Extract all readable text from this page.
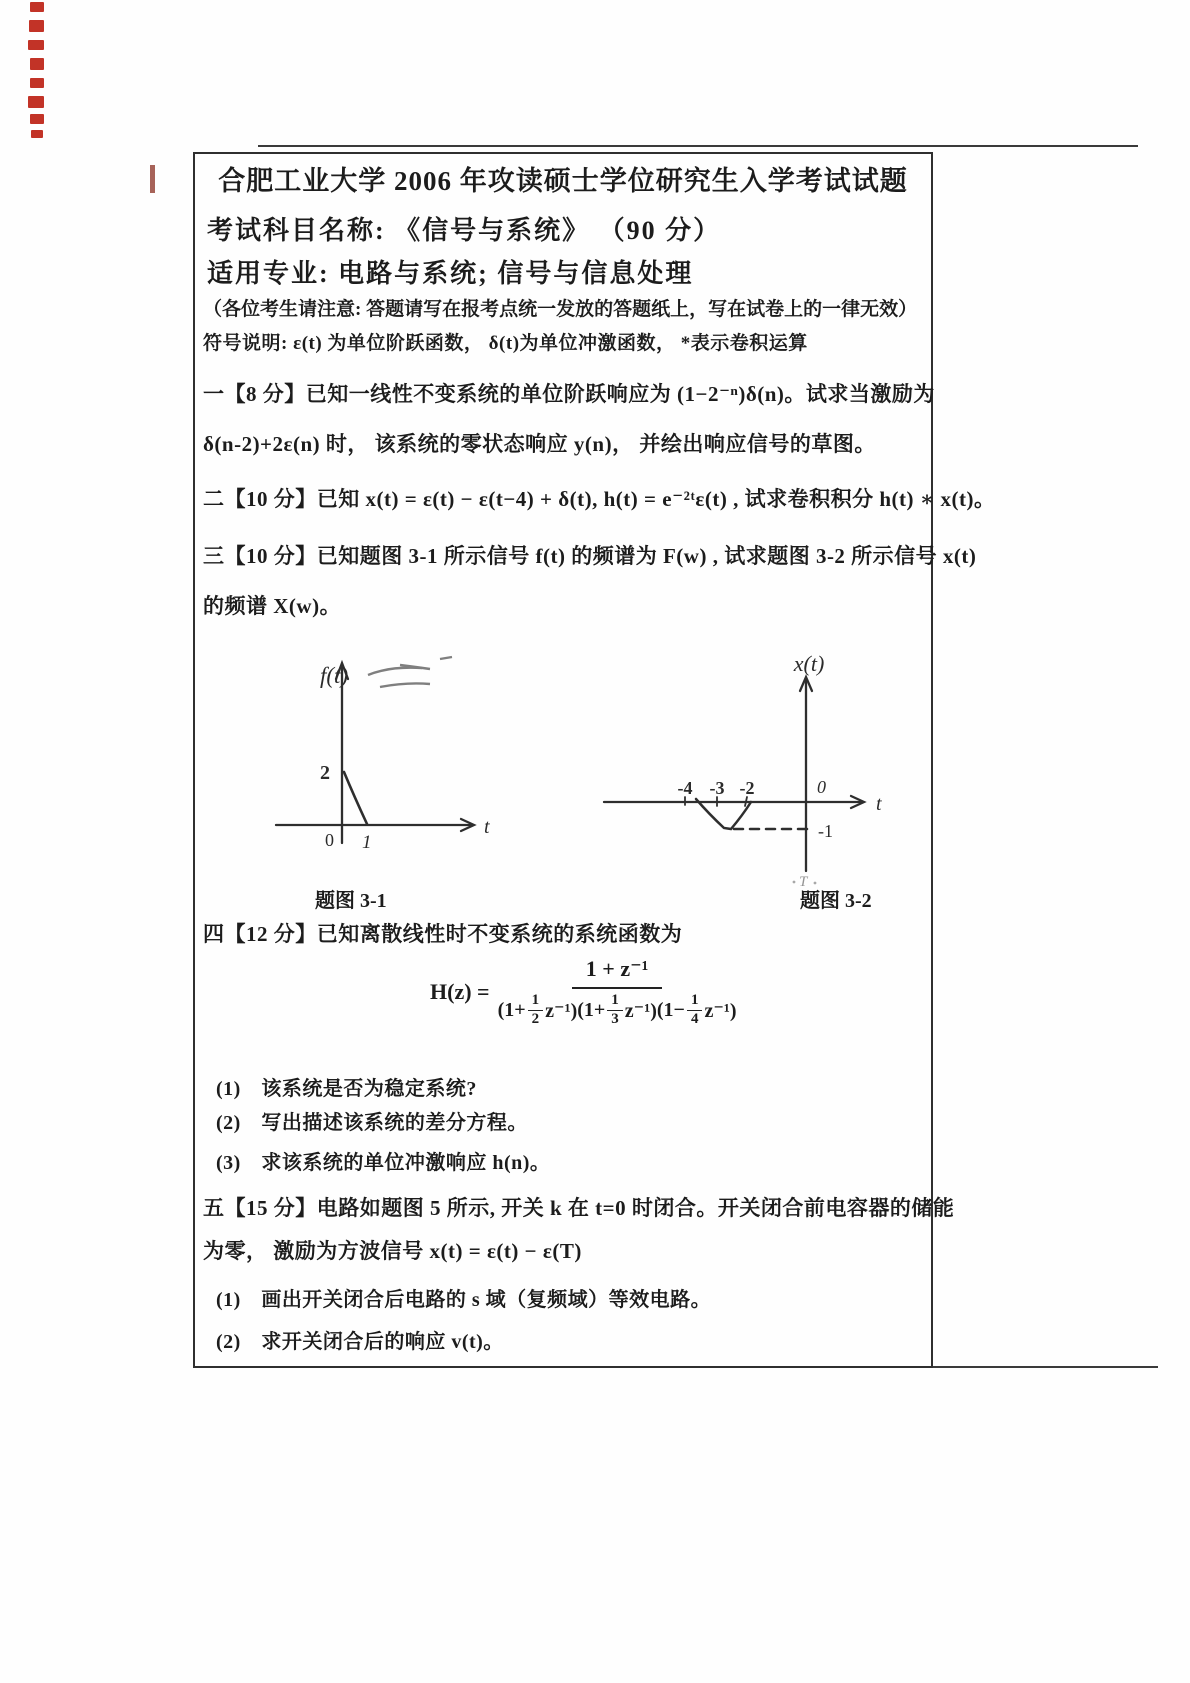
合肥工业大学 2006 年攻读硕士学位研究生入学考试试题
考试科目名称: 《信号与系统》 （90 分）
适用专业: 电路与系统; 信号与信息处理
（各位考生请注意: 答题请写在报考点统一发放的答题纸上，写在试卷上的一律无效）
符号说明: ε(t) 为单位阶跃函数， δ(t)为单位冲激函数， *表示卷积运算
一【8 分】已知一线性不变系统的单位阶跃响应为 (1−2⁻ⁿ)δ(n)。试求当激励为
δ(n-2)+2ε(n) 时， 该系统的零状态响应 y(n)， 并绘出响应信号的草图。
二【10 分】已知 x(t) = ε(t) − ε(t−4) + δ(t), h(t) = e⁻²ᵗε(t) , 试求卷积积分 h(t) ∗ x(t)。
三【10 分】已知题图 3-1 所示信号 f(t) 的频谱为 F(w) , 试求题图 3-2 所示信号 x(t)
的频谱 X(w)。
f(t)
2
0 1
t
x(t)
-4 -3 -2	0
-1
t
T
题图 3-1	题图 3-2
四【12 分】已知离散线性时不变系统的系统函数为
H(z) =
1 + z⁻¹
$(1+ \frac{1}{2} z^{-1})$ $(1+ \frac{1}{3} z^{-1})$ $(1- \frac{1}{4} z^{-1})$
(1)　该系统是否为稳定系统?
(2)　写出描述该系统的差分方程。
(3)　求该系统的单位冲激响应 h(n)。
五【15 分】电路如题图 5 所示, 开关 k 在 t=0 时闭合。开关闭合前电容器的储能
为零， 激励为方波信号 x(t) = ε(t) − ε(T)
(1)　画出开关闭合后电路的 s 域（复频域）等效电路。
(2)　求开关闭合后的响应 v(t)。
